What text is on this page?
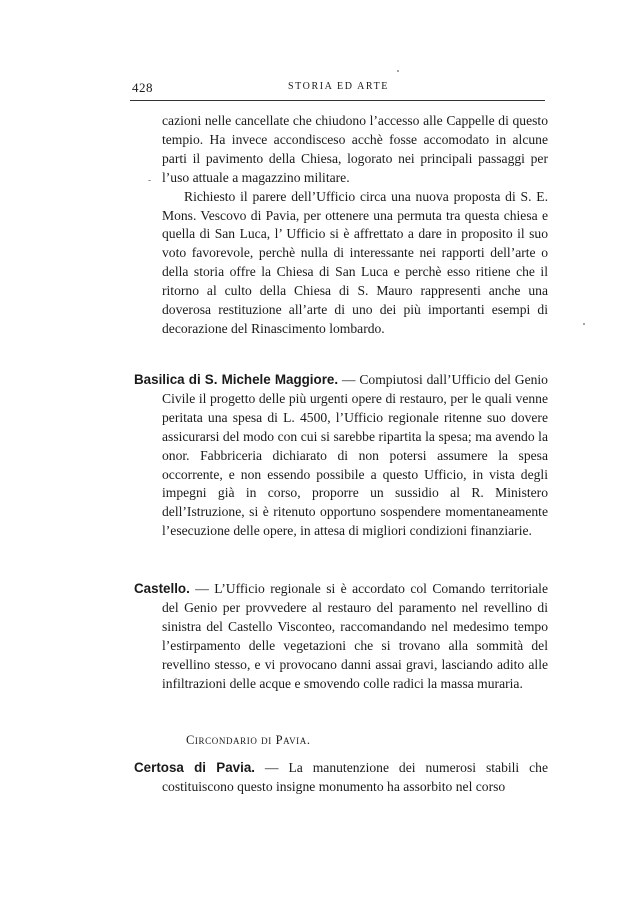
428	STORIA ED ARTE

cazioni nelle cancellate che chiudono l’accesso alle Cappelle di questo tempio. Ha invece accondisceso acchè fosse accomodato in alcune parti il pavimento della Chiesa, logorato nei principali passaggi per l’uso attuale a magazzino militare.

Richiesto il parere dell’Ufficio circa una nuova proposta di S. E. Mons. Vescovo di Pavia, per ottenere una permuta tra questa chiesa e quella di San Luca, l’ Ufficio si è affrettato a dare in proposito il suo voto favorevole, perchè nulla di interessante nei rapporti dell’arte o della storia offre la Chiesa di San Luca e perchè esso ritiene che il ritorno al culto della Chiesa di S. Mauro rappresenti anche una doverosa restituzione all’arte di uno dei più importanti esempi di decorazione del Rinascimento lombardo.

Basilica di S. Michele Maggiore. — Compiutosi dall’Ufficio del Genio Civile il progetto delle più urgenti opere di restauro, per le quali venne peritata una spesa di L. 4500, l’Ufficio regionale ritenne suo dovere assicurarsi del modo con cui si sarebbe ripartita la spesa; ma avendo la onor. Fabbriceria dichiarato di non potersi assumere la spesa occorrente, e non essendo possibile a questo Ufficio, in vista degli impegni già in corso, proporre un sussidio al R. Ministero dell’Istruzione, si è ritenuto opportuno sospendere momentaneamente l’esecuzione delle opere, in attesa di migliori condizioni finanziarie.
Castello. — L’Ufficio regionale si è accordato col Comando territoriale del Genio per provvedere al restauro del paramento nel revellino di sinistra del Castello Visconteo, raccomandando nel medesimo tempo l’estirpamento delle vegetazioni che si trovano alla sommità del revellino stesso, e vi provocano danni assai gravi, lasciando adito alle infiltrazioni delle acque e smovendo colle radici la massa muraria.
Circondario di Pavia.
Certosa di Pavia. — La manutenzione dei numerosi stabili che costituiscono questo insigne monumento ha assorbito nel corso
